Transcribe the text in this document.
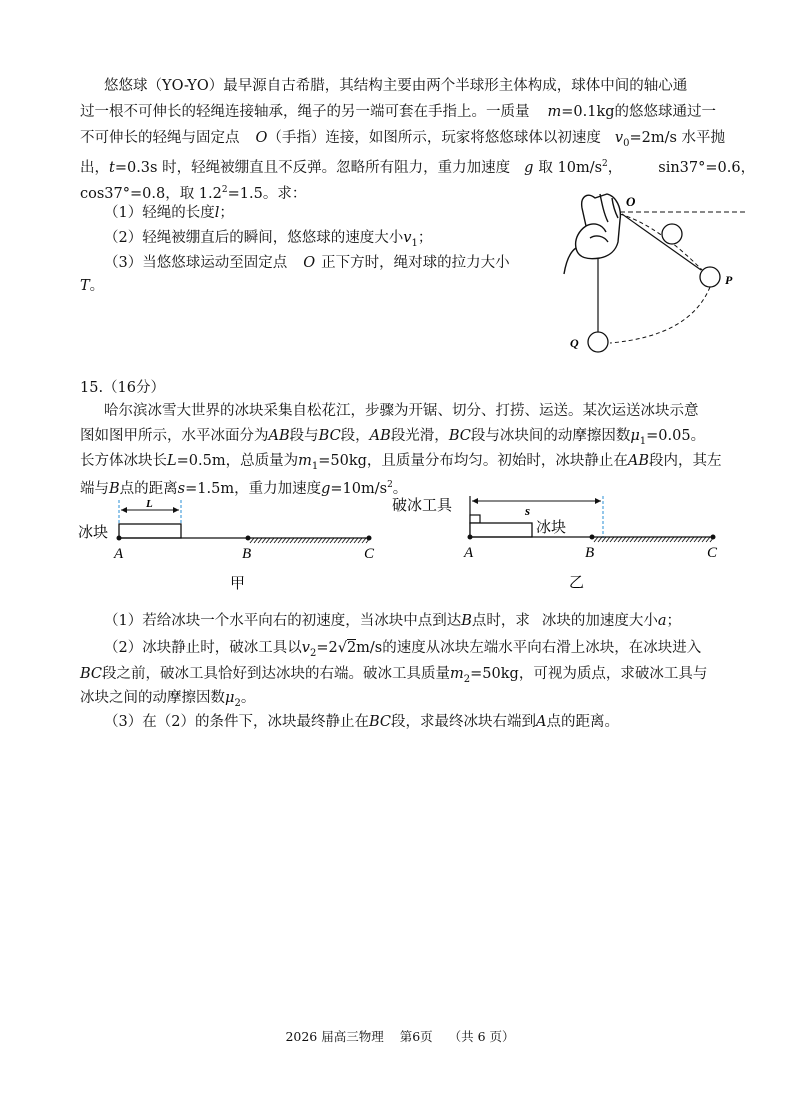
悠悠球（YO-YO）最早源自古希腊，其结构主要由两个半球形主体构成，球体中间的轴心通
过一根不可伸长的轻绳连接轴承，绳子的另一端可套在手指上。一质量 m=0.1kg的悠悠球通过一
不可伸长的轻绳与固定点 O（手指）连接，如图所示，玩家将悠悠球体以初速度 $v_0=2m/s$ 水平抛
出，t=0.3s 时，轻绳被绷直且不反弹。忽略所有阻力，重力加速度 g 取 $10m/s^2$， sin37°=0.6，
cos37°=0.8，取 $1.2^2=1.5$。求：
（1）轻绳的长度l；
（2）轻绳被绷直后的瞬间，悠悠球的速度大小$v_1$；
（3）当悠悠球运动至固定点 O 正下方时，绳对球的拉力大小
T。
O
P
Q
15.（16分）
哈尔滨冰雪大世界的冰块采集自松花江，步骤为开锯、切分、打捞、运送。某次运送冰块示意
图如图甲所示，水平冰面分为AB段与BC段，AB段光滑，BC段与冰块间的动摩擦因数$\mu_1=0.05$。
长方体冰块长L=0.5m，总质量为$m_1=50kg$，且质量分布均匀。初始时，冰块静止在AB段内，其左
端与B点的距离s=1.5m，重力加速度$g=10m/s^2$。
冰块
L
A	B	C
甲
破冰工具	s
冰块
A	B	C
乙
（1）若给冰块一个水平向右的初速度，当冰块中点到达B点时，求 冰块的加速度大小a；
（2）冰块静止时，破冰工具以$v_2=2√2m/s$的速度从冰块左端水平向右滑上冰块，在冰块进入
BC段之前，破冰工具恰好到达冰块的右端。破冰工具质量$m_2=50kg$，可视为质点，求破冰工具与
冰块之间的动摩擦因数$\mu_2$。
（3）在（2）的条件下，冰块最终静止在BC段，求最终冰块右端到A点的距离。
2026 届高三物理 第6页 （共 6 页）
